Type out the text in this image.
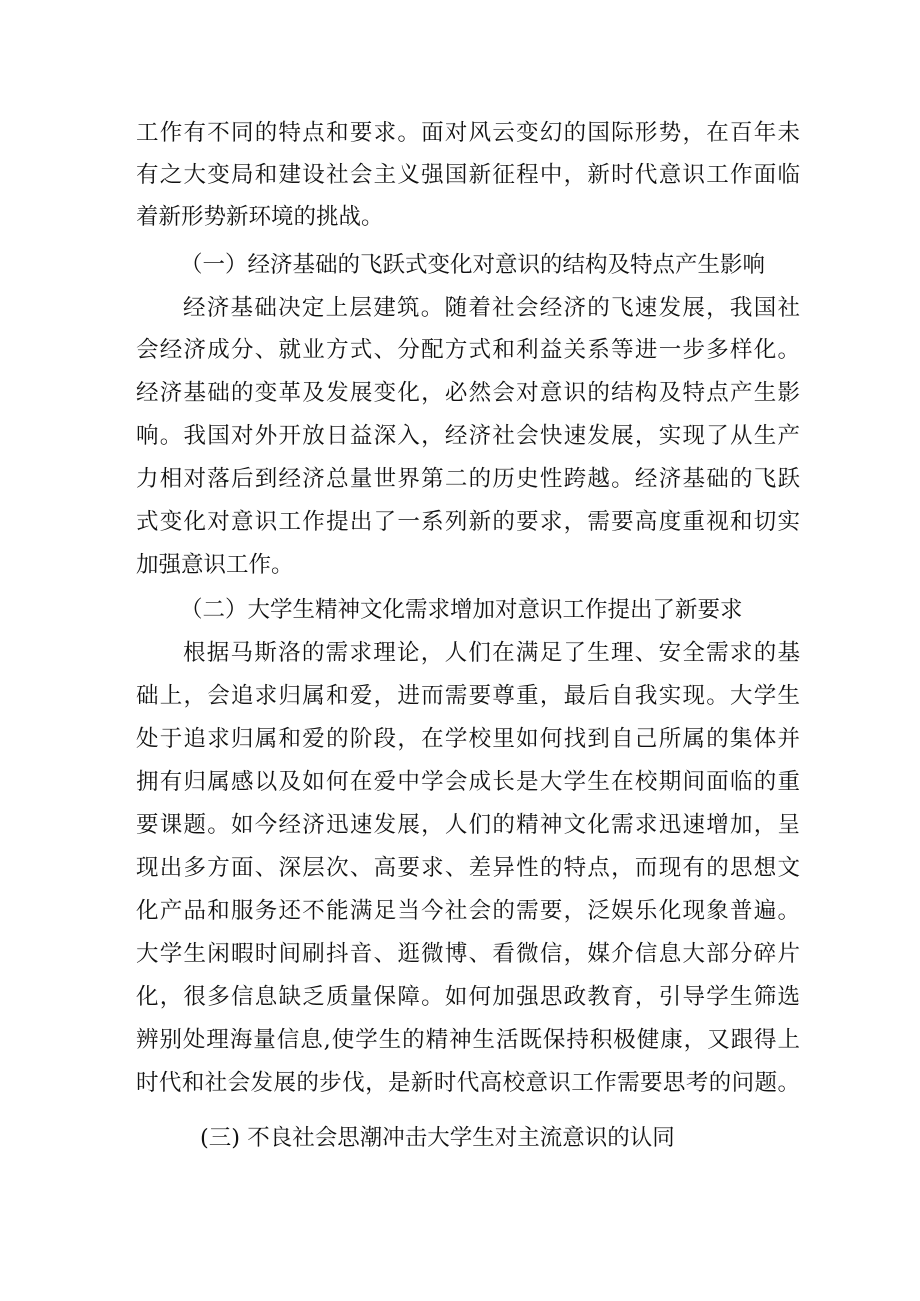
工作有不同的特点和要求。面对风云变幻的国际形势，在百年未
有之大变局和建设社会主义强国新征程中，新时代意识工作面临
着新形势新环境的挑战。
（一）经济基础的飞跃式变化对意识的结构及特点产生影响
经济基础决定上层建筑。随着社会经济的飞速发展，我国社
会经济成分、就业方式、分配方式和利益关系等进一步多样化。
经济基础的变革及发展变化，必然会对意识的结构及特点产生影
响。我国对外开放日益深入，经济社会快速发展，实现了从生产
力相对落后到经济总量世界第二的历史性跨越。经济基础的飞跃
式变化对意识工作提出了一系列新的要求，需要高度重视和切实
加强意识工作。
（二）大学生精神文化需求增加对意识工作提出了新要求
根据马斯洛的需求理论，人们在满足了生理、安全需求的基
础上，会追求归属和爱，进而需要尊重，最后自我实现。大学生
处于追求归属和爱的阶段，在学校里如何找到自己所属的集体并
拥有归属感以及如何在爱中学会成长是大学生在校期间面临的重
要课题。如今经济迅速发展，人们的精神文化需求迅速增加，呈
现出多方面、深层次、高要求、差异性的特点，而现有的思想文
化产品和服务还不能满足当今社会的需要，泛娱乐化现象普遍。
大学生闲暇时间刷抖音、逛微博、看微信，媒介信息大部分碎片
化，很多信息缺乏质量保障。如何加强思政教育，引导学生筛选
辨别处理海量信息,使学生的精神生活既保持积极健康，又跟得上
时代和社会发展的步伐，是新时代高校意识工作需要思考的问题。
(三) 不良社会思潮冲击大学生对主流意识的认同
